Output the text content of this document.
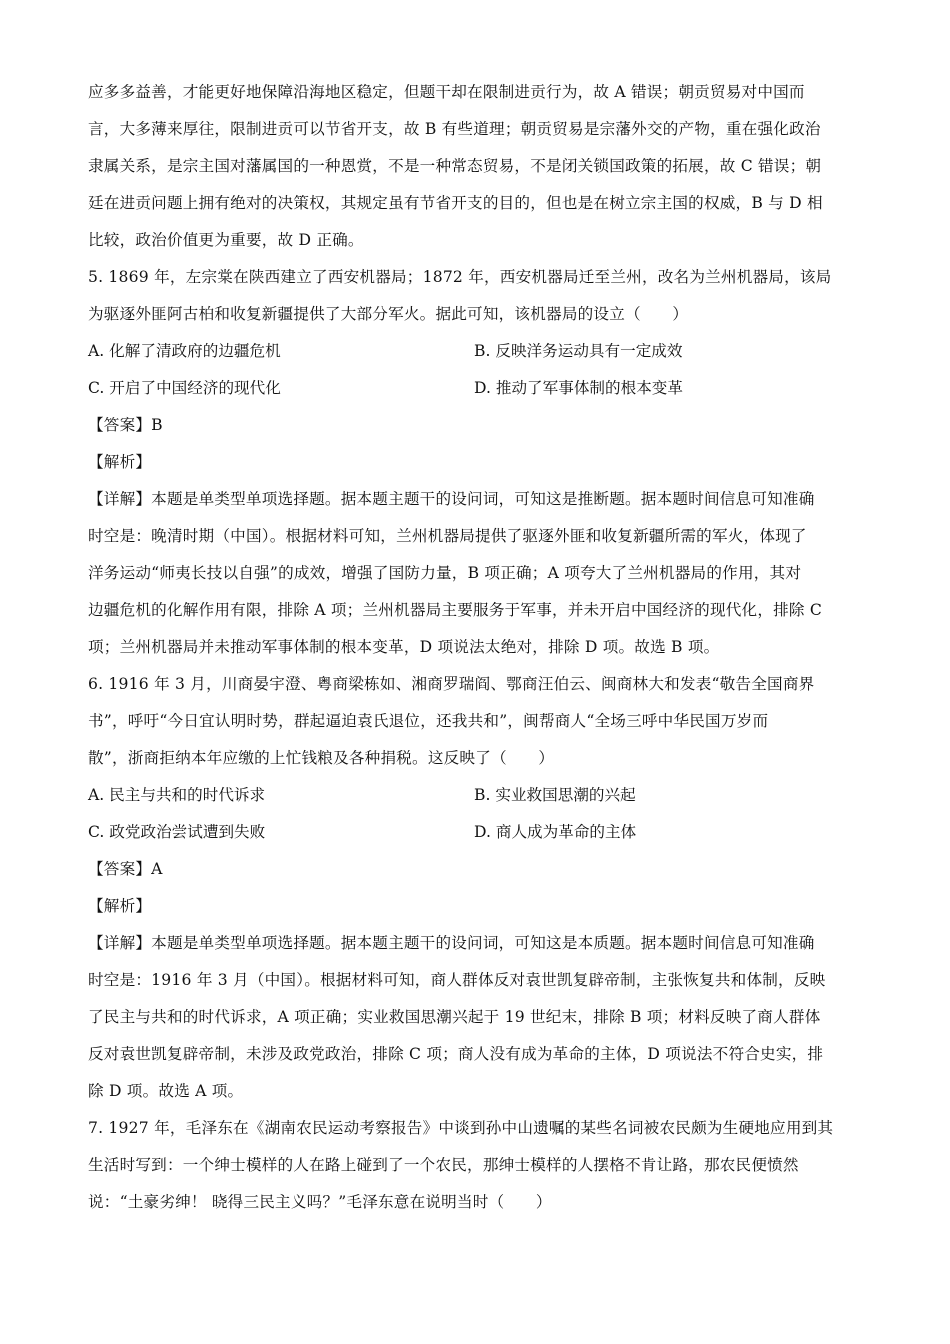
应多多益善，才能更好地保障沿海地区稳定，但题干却在限制进贡行为，故 A 错误；朝贡贸易对中国而
言，大多薄来厚往，限制进贡可以节省开支，故 B 有些道理；朝贡贸易是宗藩外交的产物，重在强化政治
隶属关系，是宗主国对藩属国的一种恩赏，不是一种常态贸易，不是闭关锁国政策的拓展，故 C 错误；朝
廷在进贡问题上拥有绝对的决策权，其规定虽有节省开支的目的，但也是在树立宗主国的权威，B 与 D 相
比较，政治价值更为重要，故 D 正确。
5. 1869 年，左宗棠在陕西建立了西安机器局；1872 年，西安机器局迁至兰州，改名为兰州机器局，该局
为驱逐外匪阿古柏和收复新疆提供了大部分军火。据此可知，该机器局的设立（　　）
A. 化解了清政府的边疆危机	B. 反映洋务运动具有一定成效
C. 开启了中国经济的现代化	D. 推动了军事体制的根本变革
【答案】B
【解析】
【详解】本题是单类型单项选择题。据本题主题干的设问词，可知这是推断题。据本题时间信息可知准确
时空是：晚清时期（中国）。根据材料可知，兰州机器局提供了驱逐外匪和收复新疆所需的军火，体现了
洋务运动“师夷长技以自强”的成效，增强了国防力量，B 项正确；A 项夸大了兰州机器局的作用，其对
边疆危机的化解作用有限，排除 A 项；兰州机器局主要服务于军事，并未开启中国经济的现代化，排除 C
项；兰州机器局并未推动军事体制的根本变革，D 项说法太绝对，排除 D 项。故选 B 项。
6. 1916 年 3 月，川商晏宇澄、粤商梁栋如、湘商罗瑞阎、鄂商汪伯云、闽商林大和发表“敬告全国商界
书”，呼吁“今日宜认明时势，群起逼迫袁氏退位，还我共和”，闽帮商人“全场三呼中华民国万岁而
散”，浙商拒纳本年应缴的上忙钱粮及各种捐税。这反映了（　　）
A. 民主与共和的时代诉求	B. 实业救国思潮的兴起
C. 政党政治尝试遭到失败	D. 商人成为革命的主体
【答案】A
【解析】
【详解】本题是单类型单项选择题。据本题主题干的设问词，可知这是本质题。据本题时间信息可知准确
时空是：1916 年 3 月（中国）。根据材料可知，商人群体反对袁世凯复辟帝制，主张恢复共和体制，反映
了民主与共和的时代诉求，A 项正确；实业救国思潮兴起于 19 世纪末，排除 B 项；材料反映了商人群体
反对袁世凯复辟帝制，未涉及政党政治，排除 C 项；商人没有成为革命的主体，D 项说法不符合史实，排
除 D 项。故选 A 项。
7. 1927 年，毛泽东在《湖南农民运动考察报告》中谈到孙中山遗嘱的某些名词被农民颇为生硬地应用到其
生活时写到：一个绅士模样的人在路上碰到了一个农民，那绅士模样的人摆格不肯让路，那农民便愤然
说：“土豪劣绅！ 晓得三民主义吗？”毛泽东意在说明当时（　　）
